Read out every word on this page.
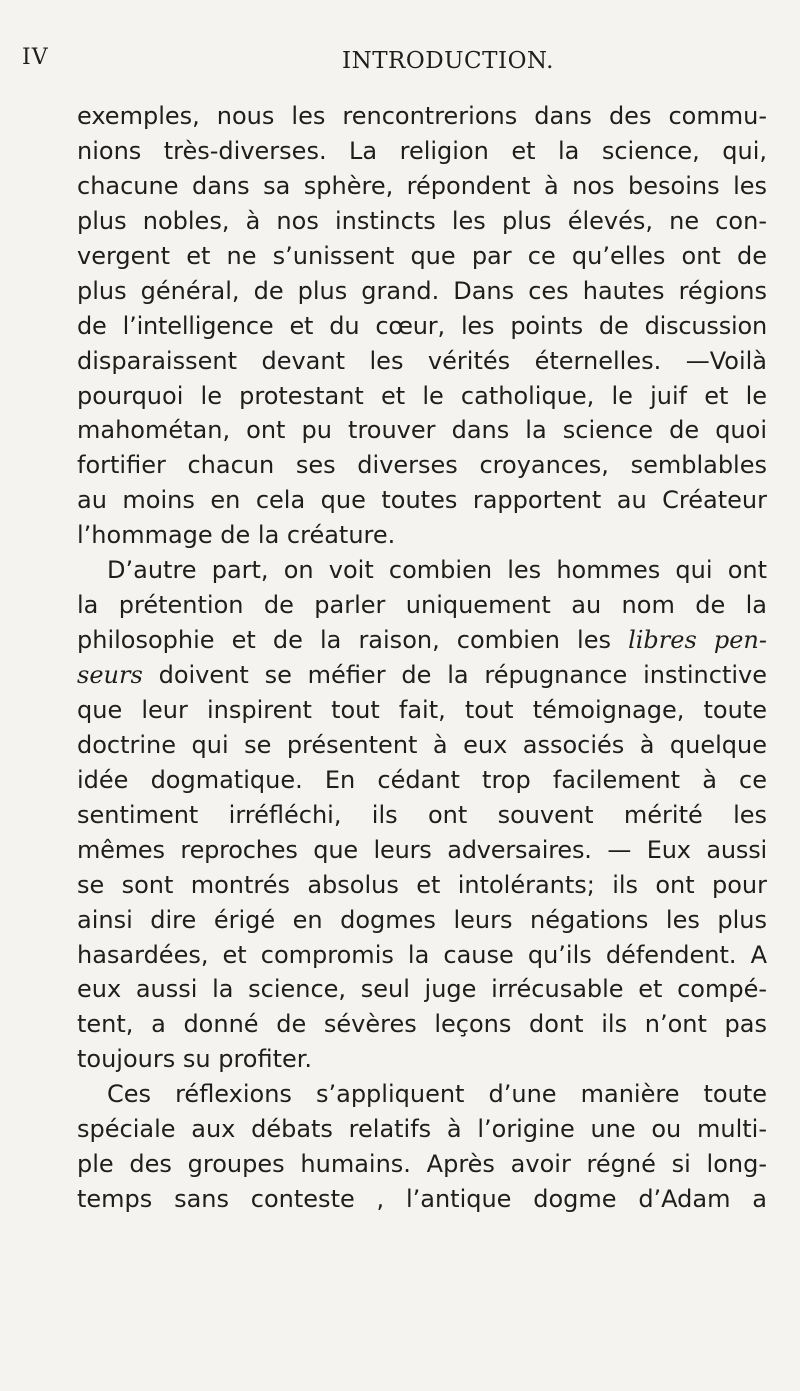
IV	INTRODUCTION.
exemples, nous les rencontrerions dans des commu-
nions très-diverses. La religion et la science, qui,
chacune dans sa sphère, répondent à nos besoins les
plus nobles, à nos instincts les plus élevés, ne con-
vergent et ne s’unissent que par ce qu’elles ont de
plus général, de plus grand. Dans ces hautes régions
de l’intelligence et du cœur, les points de discussion
disparaissent devant les vérités éternelles. —Voilà
pourquoi le protestant et le catholique, le juif et le
mahométan, ont pu trouver dans la science de quoi
fortifier chacun ses diverses croyances, semblables
au moins en cela que toutes rapportent au Créateur
l’hommage de la créature.
D’autre part, on voit combien les hommes qui ont
la prétention de parler uniquement au nom de la
philosophie et de la raison, combien les libres pen-
seurs doivent se méfier de la répugnance instinctive
que leur inspirent tout fait, tout témoignage, toute
doctrine qui se présentent à eux associés à quelque
idée dogmatique. En cédant trop facilement à ce
sentiment irréfléchi, ils ont souvent mérité les
mêmes reproches que leurs adversaires. — Eux aussi
se sont montrés absolus et intolérants; ils ont pour
ainsi dire érigé en dogmes leurs négations les plus
hasardées, et compromis la cause qu’ils défendent. A
eux aussi la science, seul juge irrécusable et compé-
tent, a donné de sévères leçons dont ils n’ont pas
toujours su profiter.
Ces réflexions s’appliquent d’une manière toute
spéciale aux débats relatifs à l’origine une ou multi-
ple des groupes humains. Après avoir régné si long-
temps sans conteste , l’antique dogme d’Adam a
